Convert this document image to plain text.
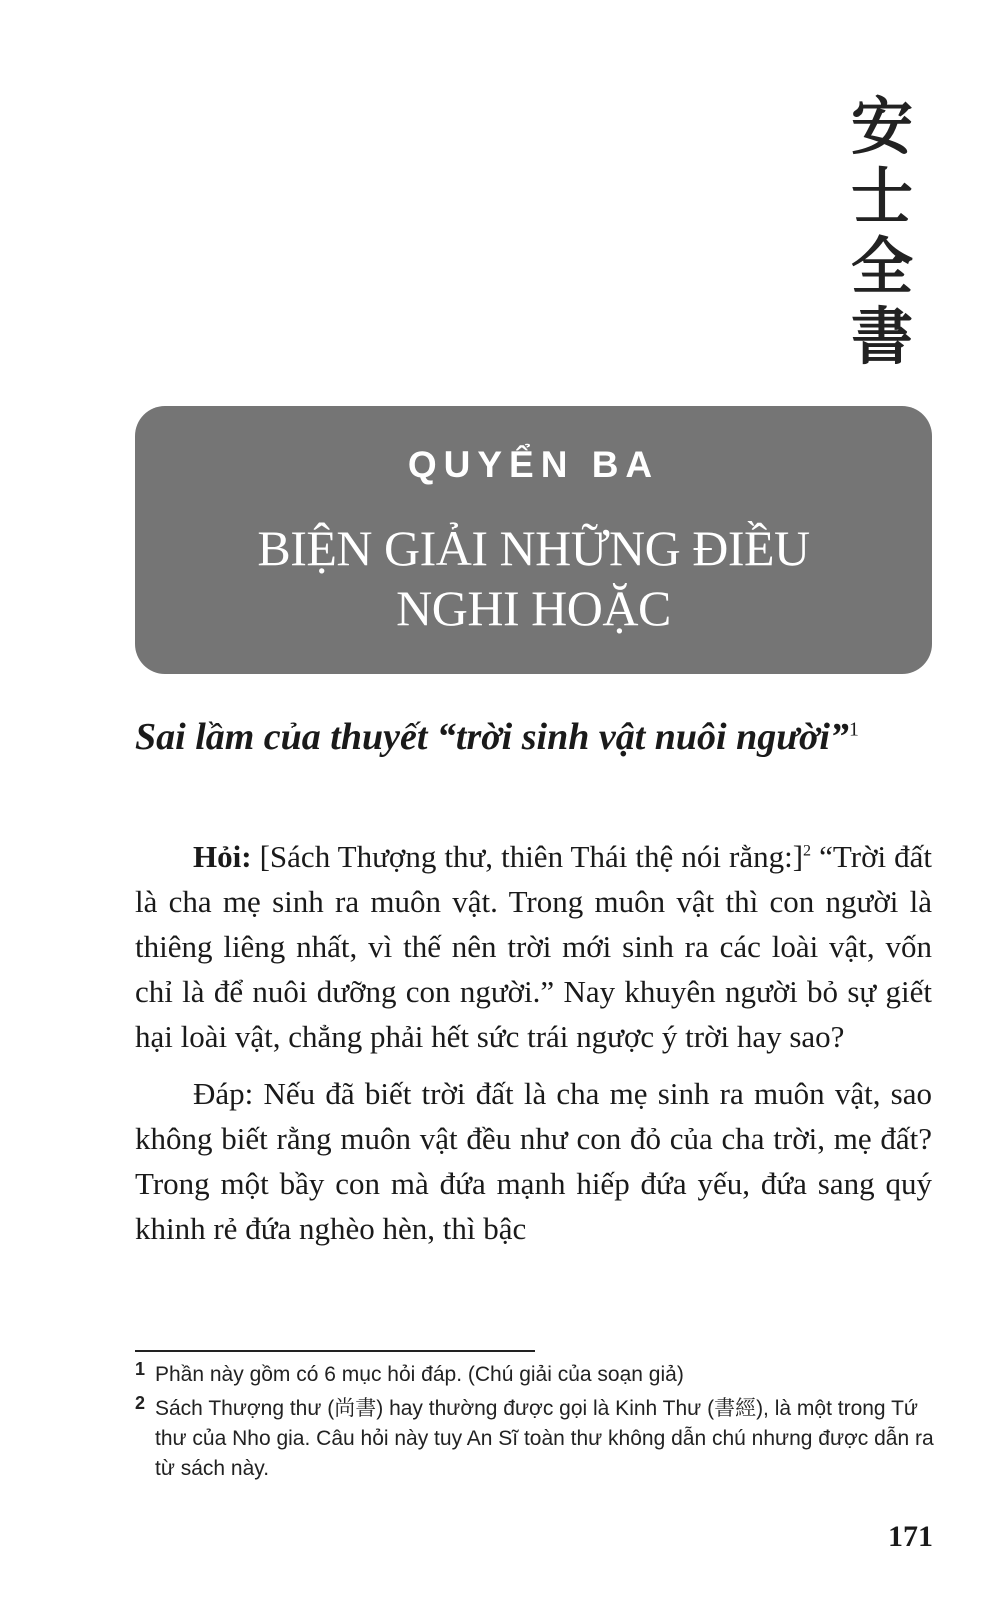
安
士
全
書
QUYỂN BA
BIỆN GIẢI NHỮNG ĐIỀU
NGHI HOẶC
Sai lầm của thuyết “trời sinh vật nuôi người”$^1$

Hỏi: [Sách Thượng thư, thiên Thái thệ nói rằng:]$^2$ “Trời đất là cha mẹ sinh ra muôn vật. Trong muôn vật thì con người là thiêng liêng nhất, vì thế nên trời mới sinh ra các loài vật, vốn chỉ là để nuôi dưỡng con người.” Nay khuyên người bỏ sự giết hại loài vật, chẳng phải hết sức trái ngược ý trời hay sao?

Đáp: Nếu đã biết trời đất là cha mẹ sinh ra muôn vật, sao không biết rằng muôn vật đều như con đỏ của cha trời, mẹ đất? Trong một bầy con mà đứa mạnh hiếp đứa yếu, đứa sang quý khinh rẻ đứa nghèo hèn, thì bậc

1 Phần này gồm có 6 mục hỏi đáp. (Chú giải của soạn giả)
2 Sách Thượng thư (尚書) hay thường được gọi là Kinh Thư (書經), là một trong Tứ thư của Nho gia. Câu hỏi này tuy An Sĩ toàn thư không dẫn chú nhưng được dẫn ra từ sách này.
171
